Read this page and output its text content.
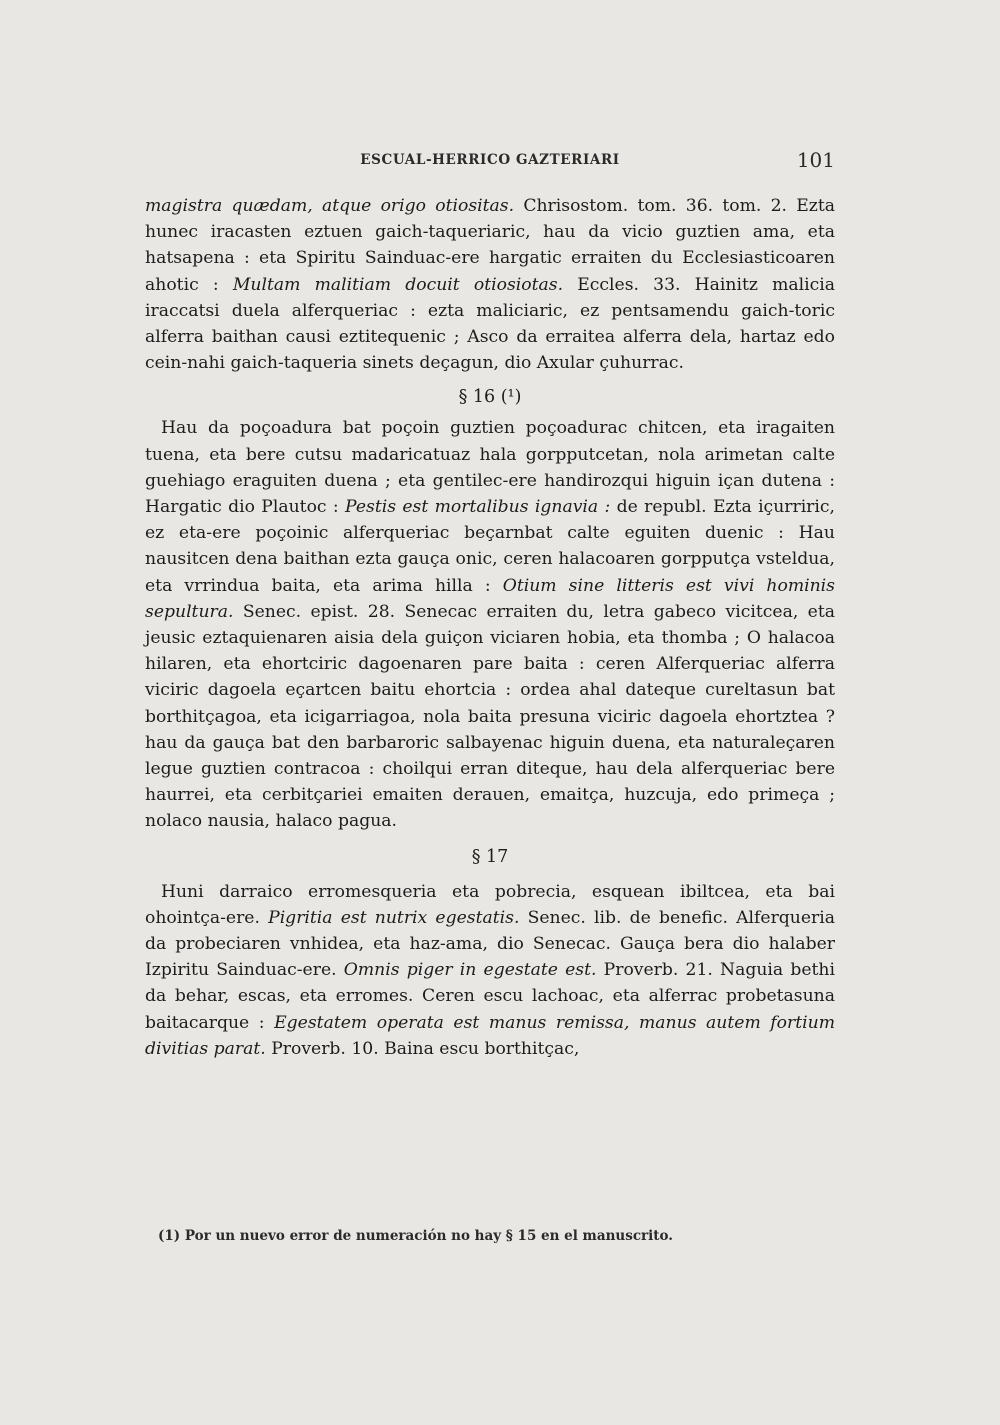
ESCUAL-HERRICO GAZTERIARI	101

magistra quædam, atque origo otiositas. Chrisostom. tom. 36. tom. 2. Ezta hunec iracasten eztuen gaich-taqueriaric, hau da vicio guztien ama, eta hatsapena : eta Spiritu Sainduac-ere hargatic erraiten du Ecclesiasticoaren ahotic : Multam malitiam docuit otiosiotas. Eccles. 33. Hainitz malicia iraccatsi duela alferqueriac : ezta maliciaric, ez pentsamendu gaich-toric alferra baithan causi eztitequenic ; Asco da erraitea alferra dela, hartaz edo cein-nahi gaich-taqueria sinets deçagun, dio Axular çuhurrac.

§ 16 (¹)

Hau da poçoadura bat poçoin guztien poçoadurac chitcen, eta iragaiten tuena, eta bere cutsu madaricatuaz hala gorpputcetan, nola arimetan calte guehiago eraguiten duena ; eta gentilec-ere handirozqui higuin içan dutena : Hargatic dio Plautoc : Pestis est mortalibus ignavia : de republ. Ezta içurriric, ez eta-ere poçoinic alferqueriac beçarnbat calte eguiten duenic : Hau nausitcen dena baithan ezta gauça onic, ceren halacoaren gorpputça vsteldua, eta vrrindua baita, eta arima hilla : Otium sine litteris est vivi hominis sepultura. Senec. epist. 28. Senecac erraiten du, letra gabeco vicitcea, eta jeusic eztaquienaren aisia dela guiçon viciaren hobia, eta thomba ; O halacoa hilaren, eta ehortciric dagoenaren pare baita : ceren Alferqueriac alferra viciric dagoela eçartcen baitu ehortcia : ordea ahal dateque cureltasun bat borthitçagoa, eta icigarriagoa, nola baita presuna viciric dagoela ehortztea ? hau da gauça bat den barbaroric salbayenac higuin duena, eta naturaleçaren legue guztien contracoa : choilqui erran diteque, hau dela alferqueriac bere haurrei, eta cerbitçariei emaiten derauen, emaitça, huzcuja, edo primeça ; nolaco nausia, halaco pagua.

§ 17

Huni darraico erromesqueria eta pobrecia, esquean ibiltcea, eta bai ohointça-ere. Pigritia est nutrix egestatis. Senec. lib. de benefic. Alferqueria da probeciaren vnhidea, eta haz-ama, dio Senecac. Gauça bera dio halaber Izpiritu Sainduac-ere. Omnis piger in egestate est. Proverb. 21. Naguia bethi da behar, escas, eta erromes. Ceren escu lachoac, eta alferrac probetasuna baitacarque : Egestatem operata est manus remissa, manus autem fortium divitias parat. Proverb. 10. Baina escu borthitçac,

(1) Por un nuevo error de numeración no hay § 15 en el manuscrito.
